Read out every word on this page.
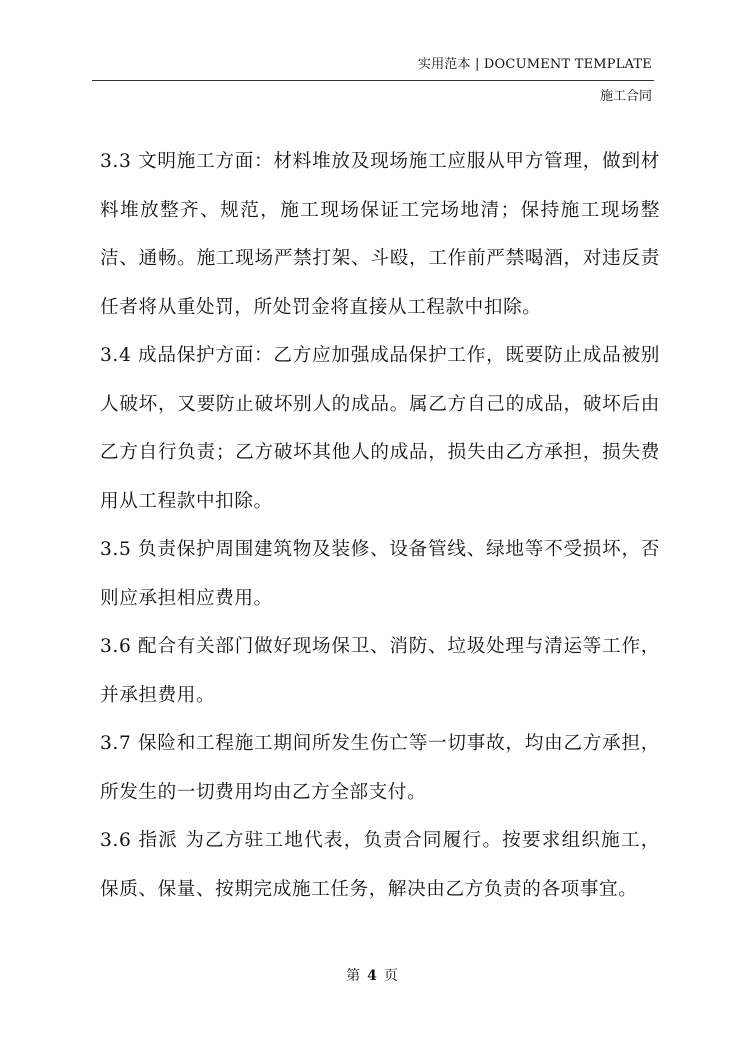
实用范本 | DOCUMENT TEMPLATE
施工合同

3.3 文明施工方面：材料堆放及现场施工应服从甲方管理，做到材料堆放整齐、规范，施工现场保证工完场地清；保持施工现场整洁、通畅。施工现场严禁打架、斗殴，工作前严禁喝酒，对违反责任者将从重处罚，所处罚金将直接从工程款中扣除。

3.4 成品保护方面：乙方应加强成品保护工作，既要防止成品被别人破坏，又要防止破坏别人的成品。属乙方自己的成品，破坏后由乙方自行负责；乙方破坏其他人的成品，损失由乙方承担，损失费用从工程款中扣除。

3.5 负责保护周围建筑物及装修、设备管线、绿地等不受损坏，否则应承担相应费用。

3.6 配合有关部门做好现场保卫、消防、垃圾处理与清运等工作，并承担费用。

3.7 保险和工程施工期间所发生伤亡等一切事故，均由乙方承担，所发生的一切费用均由乙方全部支付。

3.6 指派 为乙方驻工地代表，负责合同履行。按要求组织施工，保质、保量、按期完成施工任务，解决由乙方负责的各项事宜。

第 4 页
